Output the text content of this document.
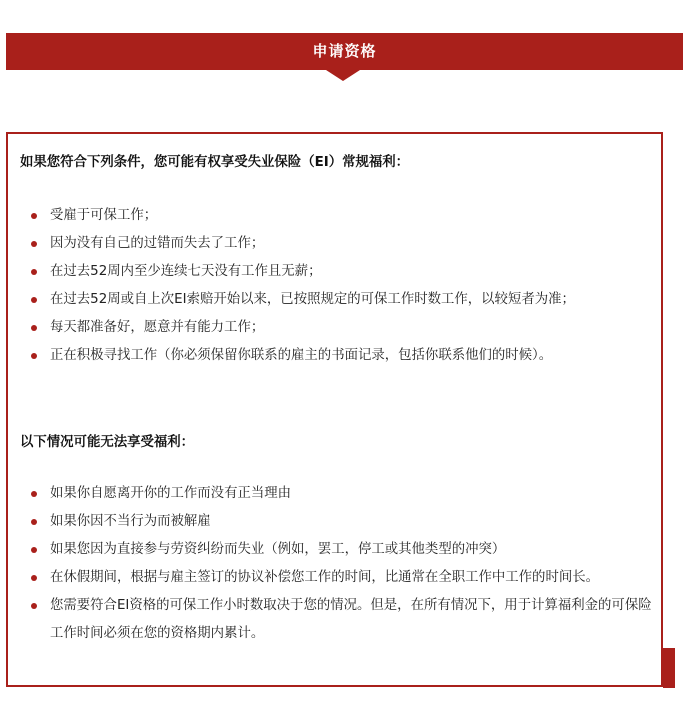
申请资格
如果您符合下列条件，您可能有权享受失业保险（EI）常规福利：
受雇于可保工作；
因为没有自己的过错而失去了工作；
在过去52周内至少连续七天没有工作且无薪；
在过去52周或自上次EI索赔开始以来，已按照规定的可保工作时数工作，以较短者为准；
每天都准备好，愿意并有能力工作；
正在积极寻找工作（你必须保留你联系的雇主的书面记录，包括你联系他们的时候）。
以下情况可能无法享受福利：
如果你自愿离开你的工作而没有正当理由
如果你因不当行为而被解雇
如果您因为直接参与劳资纠纷而失业（例如，罢工，停工或其他类型的冲突）
在休假期间，根据与雇主签订的协议补偿您工作的时间，比通常在全职工作中工作的时间长。
您需要符合EI资格的可保工作小时数取决于您的情况。但是，在所有情况下，用于计算福利金的可保险工作时间必须在您的资格期内累计。
